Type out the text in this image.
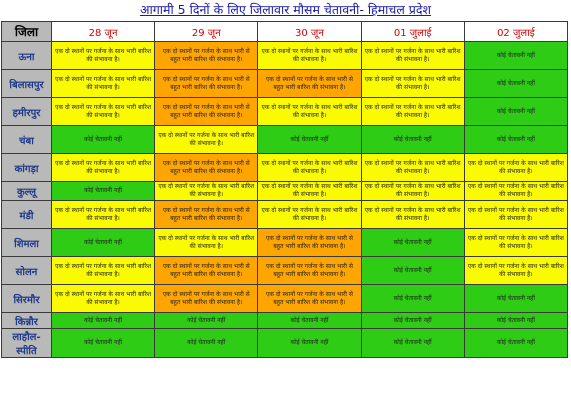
आगामी 5 दिनों के लिए जिलावार मौसम चेतावनी- हिमाचल प्रदेश
जिला	28 जून	29 जून	30 जून	01 जुलाई	02 जुलाई
ऊना	एक दो स्थानों पर गर्जना के साथ भारी बारिश की संभावना है।	एक दो स्थानों पर गर्जना के साथ भारी से बहुत भारी बारिश की संभावना है।	एक दो स्थानों पर गर्जना के साथ भारी बारिश की संभावना है।	एक दो स्थानों पर गर्जना के साथ भारी बारिश की संभावना है।	कोई चेतावनी नहीं
बिलासपुर	एक दो स्थानों पर गर्जना के साथ भारी बारिश की संभावना है।	एक दो स्थानों पर गर्जना के साथ भारी से बहुत भारी बारिश की संभावना है।	एक दो स्थानों पर गर्जना के साथ भारी से बहुत भारी बारिश की संभावना है।	एक दो स्थानों पर गर्जना के साथ भारी बारिश की संभावना है।	कोई चेतावनी नहीं
हमीरपुर	एक दो स्थानों पर गर्जना के साथ भारी बारिश की संभावना है।	एक दो स्थानों पर गर्जना के साथ भारी से बहुत भारी बारिश की संभावना है।	एक दो स्थानों पर गर्जना के साथ भारी बारिश की संभावना है।	एक दो स्थानों पर गर्जना के साथ भारी बारिश की संभावना है।	कोई चेतावनी नहीं
चंबा	कोई चेतावनी नहीं	एक दो स्थानों पर गर्जना के साथ भारी बारिश की संभावना है।	कोई चेतावनी नहीं	कोई चेतावनी नहीं	कोई चेतावनी नहीं
कांगड़ा	एक दो स्थानों पर गर्जना के साथ भारी बारिश की संभावना है।	एक दो स्थानों पर गर्जना के साथ भारी से बहुत भारी बारिश की संभावना है।	एक दो स्थानों पर गर्जना के साथ भारी बारिश की संभावना है।	एक दो स्थानों पर गर्जना के साथ भारी बारिश की संभावना है।	एक दो स्थानों पर गर्जना के साथ भारी बारिश की संभावना है।
कुल्लू	कोई चेतावनी नहीं	एक दो स्थानों पर गर्जना के साथ भारी बारिश की संभावना है।	एक दो स्थानों पर गर्जना के साथ भारी बारिश की संभावना है।	एक दो स्थानों पर गर्जना के साथ भारी बारिश की संभावना है।	एक दो स्थानों पर गर्जना के साथ भारी बारिश की संभावना है।
मंडी	एक दो स्थानों पर गर्जना के साथ भारी बारिश की संभावना है।	एक दो स्थानों पर गर्जना के साथ भारी से बहुत भारी बारिश की संभावना है।	एक दो स्थानों पर गर्जना के साथ भारी बारिश की संभावना है।	एक दो स्थानों पर गर्जना के साथ भारी बारिश की संभावना है।	एक दो स्थानों पर गर्जना के साथ भारी बारिश की संभावना है।
शिमला	कोई चेतावनी नहीं	एक दो स्थानों पर गर्जना के साथ भारी बारिश की संभावना है।	एक दो स्थानों पर गर्जना के साथ भारी से बहुत भारी बारिश की संभावना है।	कोई चेतावनी नहीं	एक दो स्थानों पर गर्जना के साथ भारी बारिश की संभावना है।
सोलन	एक दो स्थानों पर गर्जना के साथ भारी बारिश की संभावना है।	एक दो स्थानों पर गर्जना के साथ भारी से बहुत भारी बारिश की संभावना है।	एक दो स्थानों पर गर्जना के साथ भारी से बहुत भारी बारिश की संभावना है।	कोई चेतावनी नहीं	एक दो स्थानों पर गर्जना के साथ भारी बारिश की संभावना है।
सिरमौर	एक दो स्थानों पर गर्जना के साथ भारी बारिश की संभावना है।	एक दो स्थानों पर गर्जना के साथ भारी से बहुत भारी बारिश की संभावना है।	एक दो स्थानों पर गर्जना के साथ भारी से बहुत भारी बारिश की संभावना है।	कोई चेतावनी नहीं	कोई चेतावनी नहीं
किन्नौर	कोई चेतावनी नहीं	कोई चेतावनी नहीं	कोई चेतावनी नहीं	कोई चेतावनी नहीं	कोई चेतावनी नहीं
लाहौल-स्पीति	कोई चेतावनी नहीं	कोई चेतावनी नहीं	कोई चेतावनी नहीं	कोई चेतावनी नहीं	कोई चेतावनी नहीं
